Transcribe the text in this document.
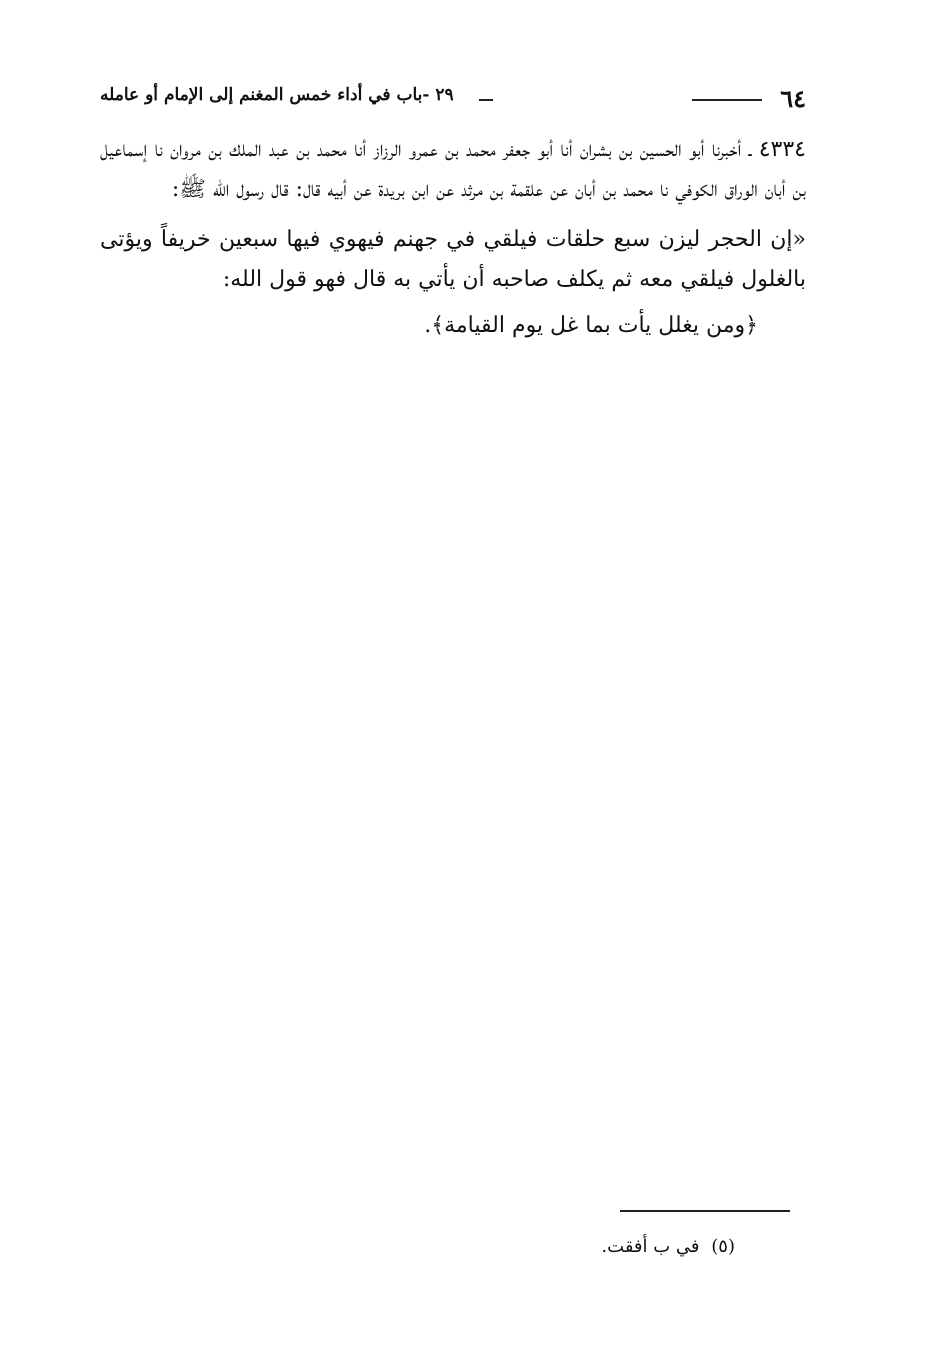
٦٤
٢٩ -باب في أداء خمس المغنم إلى الإمام أو عامله

٤٣٣٤ ـ أخبرنا أبو الحسين بن بشران أنا أبو جعفر محمد بن عمرو الرزاز أنا محمد بن عبد الملك بن مروان نا إسماعيل بن أبان الوراق الكوفي نا محمد بن أبان عن علقمة بن مرثد عن ابن بريدة عن أبيه قال: قال رسول الله ﷺ:

«إن الحجر ليزن سبع حلقات فيلقي في جهنم فيهوي فيها سبعين خريفاً ويؤتى بالغلول فيلقي معه ثم يكلف صاحبه أن يأتي به قال فهو قول الله:

﴿ومن يغلل يأت بما غل يوم القيامة﴾.

(٥) في ب أفقت.
